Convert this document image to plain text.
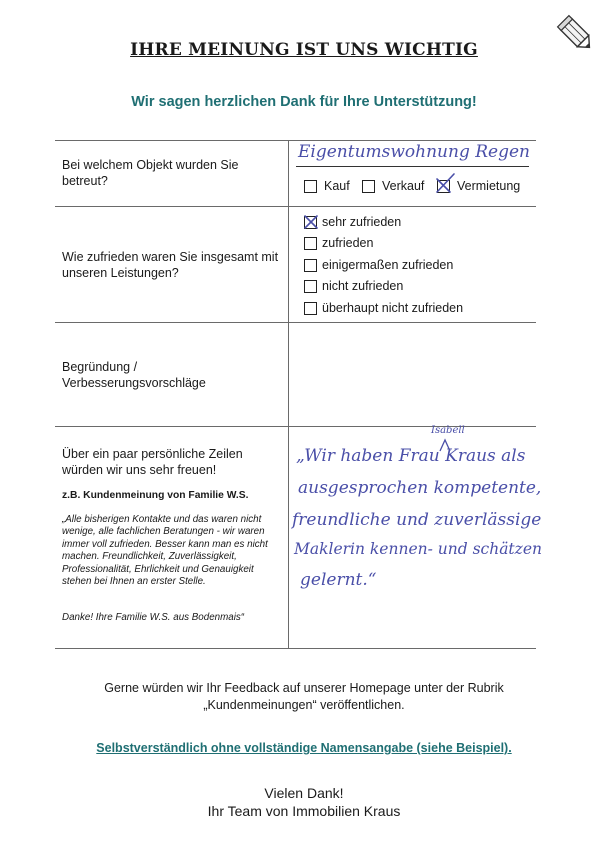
IHRE MEINUNG IST UNS WICHTIG
Wir sagen herzlichen Dank für Ihre Unterstützung!
Bei welchem Objekt wurden Sie betreut?
Eigentumswohnung Regen
Kauf	Verkauf	Vermietung
Wie zufrieden waren Sie insgesamt mit unseren Leistungen?
sehr zufrieden
zufrieden
einigermaßen zufrieden
nicht zufrieden
überhaupt nicht zufrieden
Begründung / Verbesserungsvorschläge
Über ein paar persönliche Zeilen würden wir uns sehr freuen!
z.B. Kundenmeinung von Familie W.S.
„Alle bisherigen Kontakte und das waren nicht wenige, alle fachlichen Beratungen - wir waren immer voll zufrieden. Besser kann man es nicht machen. Freundlichkeit, Zuverlässigkeit, Professionalität, Ehrlichkeit und Genauigkeit stehen bei Ihnen an erster Stelle.
Danke! Ihre Familie W.S. aus Bodenmais“
Isabell
„Wir haben Frau Kraus als
ausgesprochen kompetente,
freundliche und zuverlässige
Maklerin kennen- und schätzen
gelernt.“
Gerne würden wir Ihr Feedback auf unserer Homepage unter der Rubrik „Kundenmeinungen“ veröffentlichen.
Selbstverständlich ohne vollständige Namensangabe (siehe Beispiel).
Vielen Dank!
Ihr Team von Immobilien Kraus
